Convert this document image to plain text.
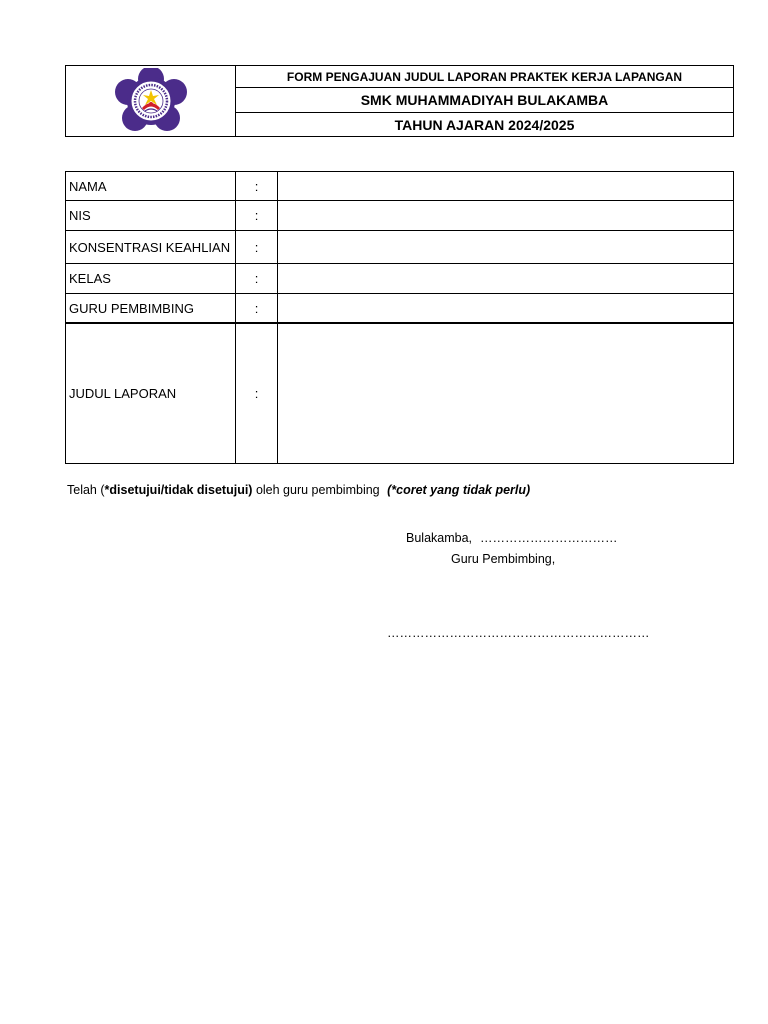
FORM PENGAJUAN JUDUL LAPORAN PRAKTEK KERJA LAPANGAN
SMK MUHAMMADIYAH BULAKAMBA
TAHUN AJARAN 2024/2025
NAMA	:
NIS	:
KONSENTRASI KEAHLIAN	:
KELAS	:
GURU PEMBIMBING	:
JUDUL LAPORAN	:
Telah (*disetujui/tidak disetujui) oleh guru pembimbing (*coret yang tidak perlu)
Bulakamba, ……………………………
Guru Pembimbing,
………………………………………………………
